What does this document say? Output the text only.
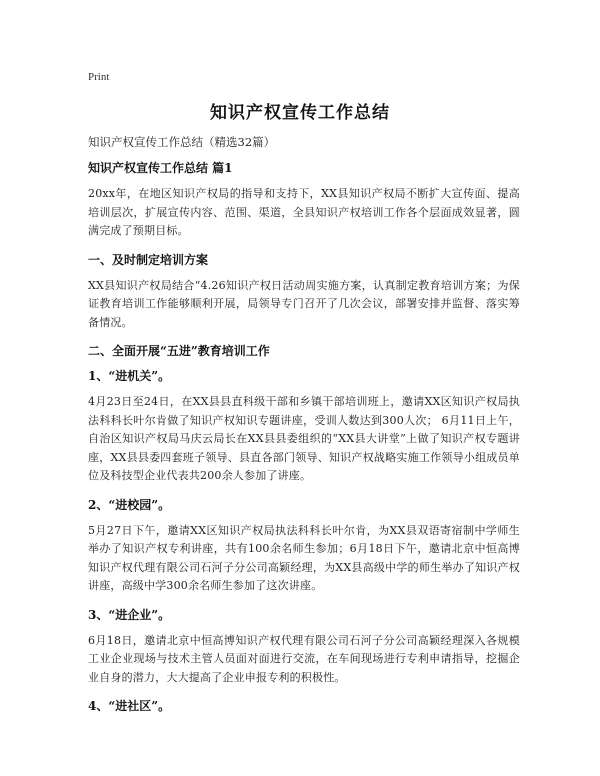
Print
知识产权宣传工作总结

知识产权宣传工作总结（精选32篇）

知识产权宣传工作总结 篇1

20xx年，在地区知识产权局的指导和支持下，XX县知识产权局不断扩大宣传面、提高培训层次，扩展宣传内容、范围、渠道，全县知识产权培训工作各个层面成效显著，圆满完成了预期目标。

一、及时制定培训方案

XX县知识产权局结合“4.26知识产权日活动周实施方案，认真制定教育培训方案；为保证教育培训工作能够顺利开展，局领导专门召开了几次会议，部署安排并监督、落实筹备情况。

二、全面开展“五进”教育培训工作

1、“进机关”。

4月23日至24日，在XX县县直科级干部和乡镇干部培训班上，邀请XX区知识产权局执法科科长叶尔肯做了知识产权知识专题讲座，受训人数达到300人次； 6月11日上午，自治区知识产权局马庆云局长在XX县县委组织的“XX县大讲堂”上做了知识产权专题讲座，XX县县委四套班子领导、县直各部门领导、知识产权战略实施工作领导小组成员单位及科技型企业代表共200余人参加了讲座。

2、“进校园”。

5月27日下午，邀请XX区知识产权局执法科科长叶尔肯，为XX县双语寄宿制中学师生举办了知识产权专利讲座，共有100余名师生参加；6月18日下午，邀请北京中恒高博知识产权代理有限公司石河子分公司高颖经理，为XX县高级中学的师生举办了知识产权讲座，高级中学300余名师生参加了这次讲座。

3、“进企业”。

6月18日，邀请北京中恒高博知识产权代理有限公司石河子分公司高颖经理深入各规模工业企业现场与技术主管人员面对面进行交流，在车间现场进行专利申请指导，挖掘企业自身的潜力，大大提高了企业申报专利的积极性。

4、“进社区”。
